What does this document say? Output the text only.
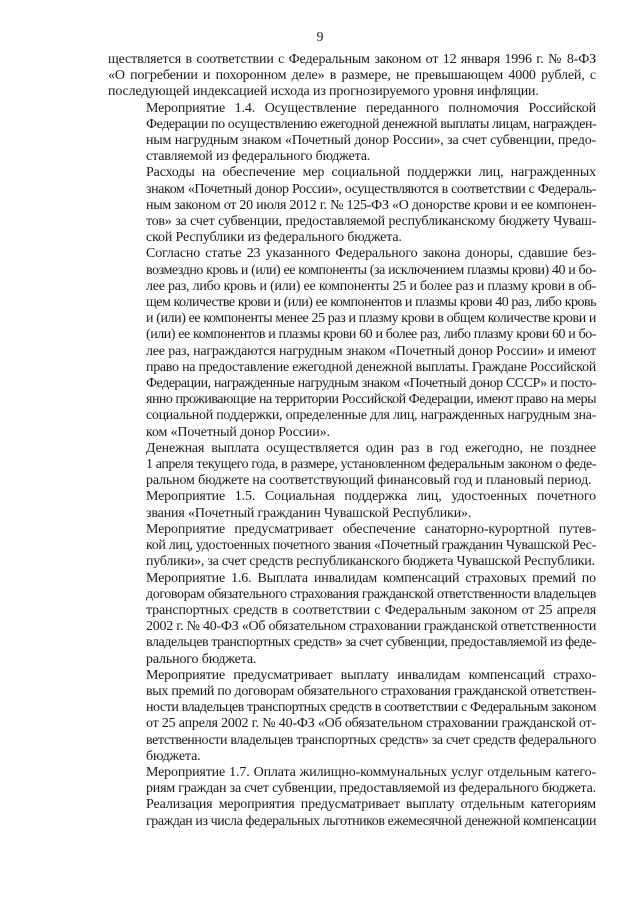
9

ществляется в соответствии с Федеральным законом от 12 января 1996 г. № 8-ФЗ
«О погребении и похоронном деле» в размере, не превышающем 4000 рублей, с
последующей индексацией исхода из прогнозируемого уровня инфляции.

Мероприятие 1.4. Осуществление переданного полномочия Российской
Федерации по осуществлению ежегодной денежной выплаты лицам, награжден-
ным нагрудным знаком «Почетный донор России», за счет субвенции, предо-
ставляемой из федерального бюджета.

Расходы на обеспечение мер социальной поддержки лиц, награжденных
знаком «Почетный донор России», осуществляются в соответствии с Федераль-
ным законом от 20 июля 2012 г. № 125-ФЗ «О донорстве крови и ее компонен-
тов» за счет субвенции, предоставляемой республиканскому бюджету Чуваш-
ской Республики из федерального бюджета.

Согласно статье 23 указанного Федерального закона доноры, сдавшие без-
возмездно кровь и (или) ее компоненты (за исключением плазмы крови) 40 и бо-
лее раз, либо кровь и (или) ее компоненты 25 и более раз и плазму крови в об-
щем количестве крови и (или) ее компонентов и плазмы крови 40 раз, либо кровь
и (или) ее компоненты менее 25 раз и плазму крови в общем количестве крови и
(или) ее компонентов и плазмы крови 60 и более раз, либо плазму крови 60 и бо-
лее раз, награждаются нагрудным знаком «Почетный донор России» и имеют
право на предоставление ежегодной денежной выплаты. Граждане Российской
Федерации, награжденные нагрудным знаком «Почетный донор СССР» и посто-
янно проживающие на территории Российской Федерации, имеют право на меры
социальной поддержки, определенные для лиц, награжденных нагрудным зна-
ком «Почетный донор России».

Денежная выплата осуществляется один раз в год ежегодно, не позднее
1 апреля текущего года, в размере, установленном федеральным законом о феде-
ральном бюджете на соответствующий финансовый год и плановый период.

Мероприятие 1.5. Социальная поддержка лиц, удостоенных почетного
звания «Почетный гражданин Чувашской Республики».

Мероприятие предусматривает обеспечение санаторно-курортной путев-
кой лиц, удостоенных почетного звания «Почетный гражданин Чувашской Рес-
публики», за счет средств республиканского бюджета Чувашской Республики.

Мероприятие 1.6. Выплата инвалидам компенсаций страховых премий по
договорам обязательного страхования гражданской ответственности владельцев
транспортных средств в соответствии с Федеральным законом от 25 апреля
2002 г. № 40-ФЗ «Об обязательном страховании гражданской ответственности
владельцев транспортных средств» за счет субвенции, предоставляемой из феде-
рального бюджета.

Мероприятие предусматривает выплату инвалидам компенсаций страхо-
вых премий по договорам обязательного страхования гражданской ответствен-
ности владельцев транспортных средств в соответствии с Федеральным законом
от 25 апреля 2002 г. № 40-ФЗ «Об обязательном страховании гражданской от-
ветственности владельцев транспортных средств» за счет средств федерального
бюджета.

Мероприятие 1.7. Оплата жилищно-коммунальных услуг отдельным катего-
риям граждан за счет субвенции, предоставляемой из федерального бюджета.

Реализация мероприятия предусматривает выплату отдельным категориям
граждан из числа федеральных льготников ежемесячной денежной компенсации
